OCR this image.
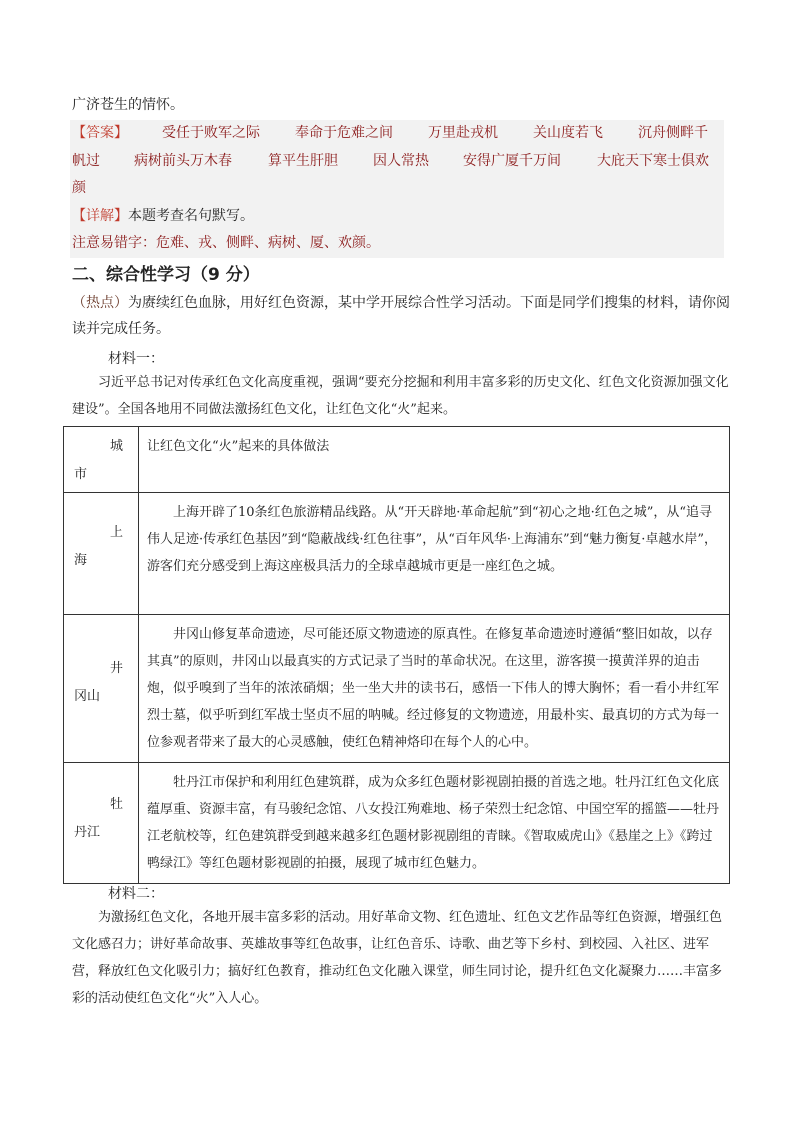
广济苍生的情怀。
【答案】 受任于败军之际	奉命于危难之间	万里赴戎机	关山度若飞	沉舟侧畔千
帆过 病树前头万木春	算平生肝胆	因人常热 安得广厦千万间	大庇天下寒士俱欢
颜
【详解】本题考查名句默写。
注意易错字：危难、戎、侧畔、病树、厦、欢颜。
二、综合性学习（9 分）
（热点）为赓续红色血脉，用好红色资源，某中学开展综合性学习活动。下面是同学们搜集的材料，请你阅读并完成任务。
材料一：
习近平总书记对传承红色文化高度重视，强调“要充分挖掘和利用丰富多彩的历史文化、红色文化资源加强文化建设”。全国各地用不同做法激扬红色文化，让红色文化“火”起来。
城
市	让红色文化“火”起来的具体做法

上
海	上海开辟了10条红色旅游精品线路。从“开天辟地·革命起航”到“初心之地·红色之城”，从“追寻伟人足迹·传承红色基因”到“隐蔽战线·红色往事”，从“百年风华·上海浦东”到“魅力衡复·卓越水岸”，游客们充分感受到上海这座极具活力的全球卓越城市更是一座红色之城。

井
冈山	井冈山修复革命遗迹，尽可能还原文物遗迹的原真性。在修复革命遗迹时遵循“整旧如故，以存其真”的原则，井冈山以最真实的方式记录了当时的革命状况。在这里，游客摸一摸黄洋界的迫击炮，似乎嗅到了当年的浓浓硝烟；坐一坐大井的读书石，感悟一下伟人的博大胸怀；看一看小井红军烈士墓，似乎听到红军战士坚贞不屈的呐喊。经过修复的文物遗迹，用最朴实、最真切的方式为每一位参观者带来了最大的心灵感触，使红色精神烙印在每个人的心中。

牡
丹江	牡丹江市保护和利用红色建筑群，成为众多红色题材影视剧拍摄的首选之地。牡丹江红色文化底蕴厚重、资源丰富，有马骏纪念馆、八女投江殉难地、杨子荣烈士纪念馆、中国空军的摇篮——牡丹江老航校等，红色建筑群受到越来越多红色题材影视剧组的青睐。《智取威虎山》《悬崖之上》《跨过鸭绿江》等红色题材影视剧的拍摄，展现了城市红色魅力。
材料二：
为激扬红色文化，各地开展丰富多彩的活动。用好革命文物、红色遗址、红色文艺作品等红色资源，增强红色文化感召力；讲好革命故事、英雄故事等红色故事，让红色音乐、诗歌、曲艺等下乡村、到校园、入社区、进军营，释放红色文化吸引力；搞好红色教育，推动红色文化融入课堂，师生同讨论，提升红色文化凝聚力……丰富多彩的活动使红色文化“火”入人心。
